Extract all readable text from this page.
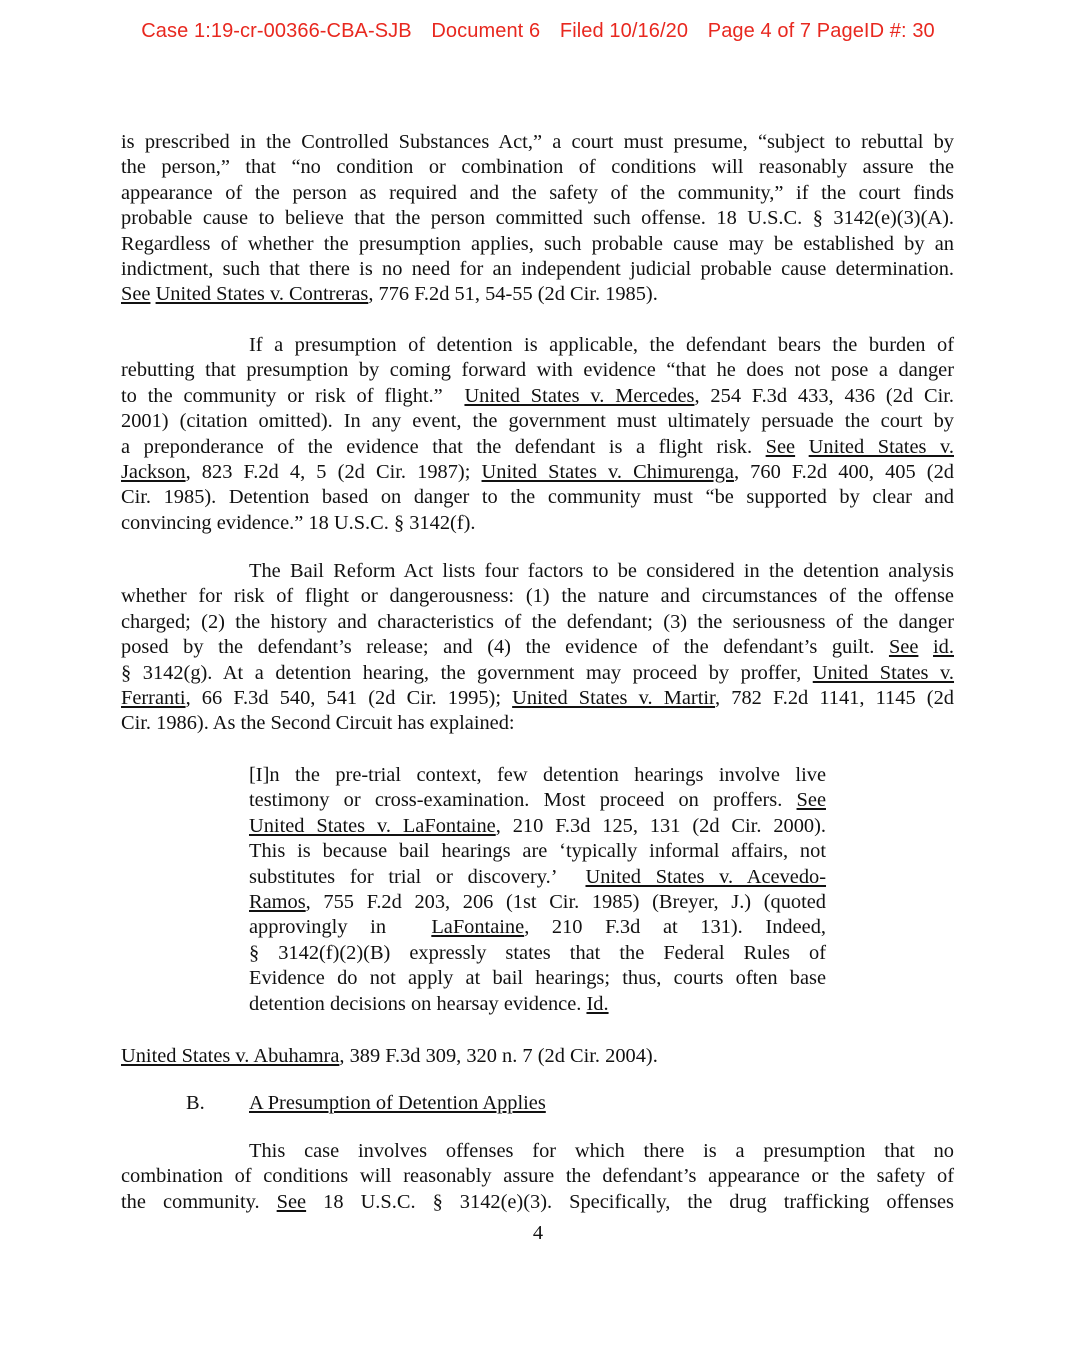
Case 1:19-cr-00366-CBA-SJB Document 6 Filed 10/16/20 Page 4 of 7 PageID #: 30
is prescribed in the Controlled Substances Act,” a court must presume, “subject to rebuttal by
the person,” that “no condition or combination of conditions will reasonably assure the
appearance of the person as required and the safety of the community,” if the court finds
probable cause to believe that the person committed such offense. 18 U.S.C. § 3142(e)(3)(A).
Regardless of whether the presumption applies, such probable cause may be established by an
indictment, such that there is no need for an independent judicial probable cause determination.
See United States v. Contreras, 776 F.2d 51, 54-55 (2d Cir. 1985).
If a presumption of detention is applicable, the defendant bears the burden of
rebutting that presumption by coming forward with evidence “that he does not pose a danger
to the community or risk of flight.”  United States v. Mercedes, 254 F.3d 433, 436 (2d Cir.
2001) (citation omitted). In any event, the government must ultimately persuade the court by
a preponderance of the evidence that the defendant is a flight risk. See United States v.
Jackson, 823 F.2d 4, 5 (2d Cir. 1987); United States v. Chimurenga, 760 F.2d 400, 405 (2d
Cir. 1985). Detention based on danger to the community must “be supported by clear and
convincing evidence.” 18 U.S.C. § 3142(f).
The Bail Reform Act lists four factors to be considered in the detention analysis
whether for risk of flight or dangerousness: (1) the nature and circumstances of the offense
charged; (2) the history and characteristics of the defendant; (3) the seriousness of the danger
posed by the defendant’s release; and (4) the evidence of the defendant’s guilt. See id.
§ 3142(g). At a detention hearing, the government may proceed by proffer, United States v.
Ferranti, 66 F.3d 540, 541 (2d Cir. 1995); United States v. Martir, 782 F.2d 1141, 1145 (2d
Cir. 1986). As the Second Circuit has explained:
[I]n the pre-trial context, few detention hearings involve live
testimony or cross-examination. Most proceed on proffers. See
United States v. LaFontaine, 210 F.3d 125, 131 (2d Cir. 2000).
This is because bail hearings are ‘typically informal affairs, not
substitutes for trial or discovery.’  United States v. Acevedo-
Ramos, 755 F.2d 203, 206 (1st Cir. 1985) (Breyer, J.) (quoted
approvingly in  LaFontaine, 210 F.3d at 131). Indeed,
§ 3142(f)(2)(B) expressly states that the Federal Rules of
Evidence do not apply at bail hearings; thus, courts often base
detention decisions on hearsay evidence. Id.
United States v. Abuhamra, 389 F.3d 309, 320 n. 7 (2d Cir. 2004).
B. A Presumption of Detention Applies
This case involves offenses for which there is a presumption that no
combination of conditions will reasonably assure the defendant’s appearance or the safety of
the community. See 18 U.S.C. § 3142(e)(3). Specifically, the drug trafficking offenses
4
